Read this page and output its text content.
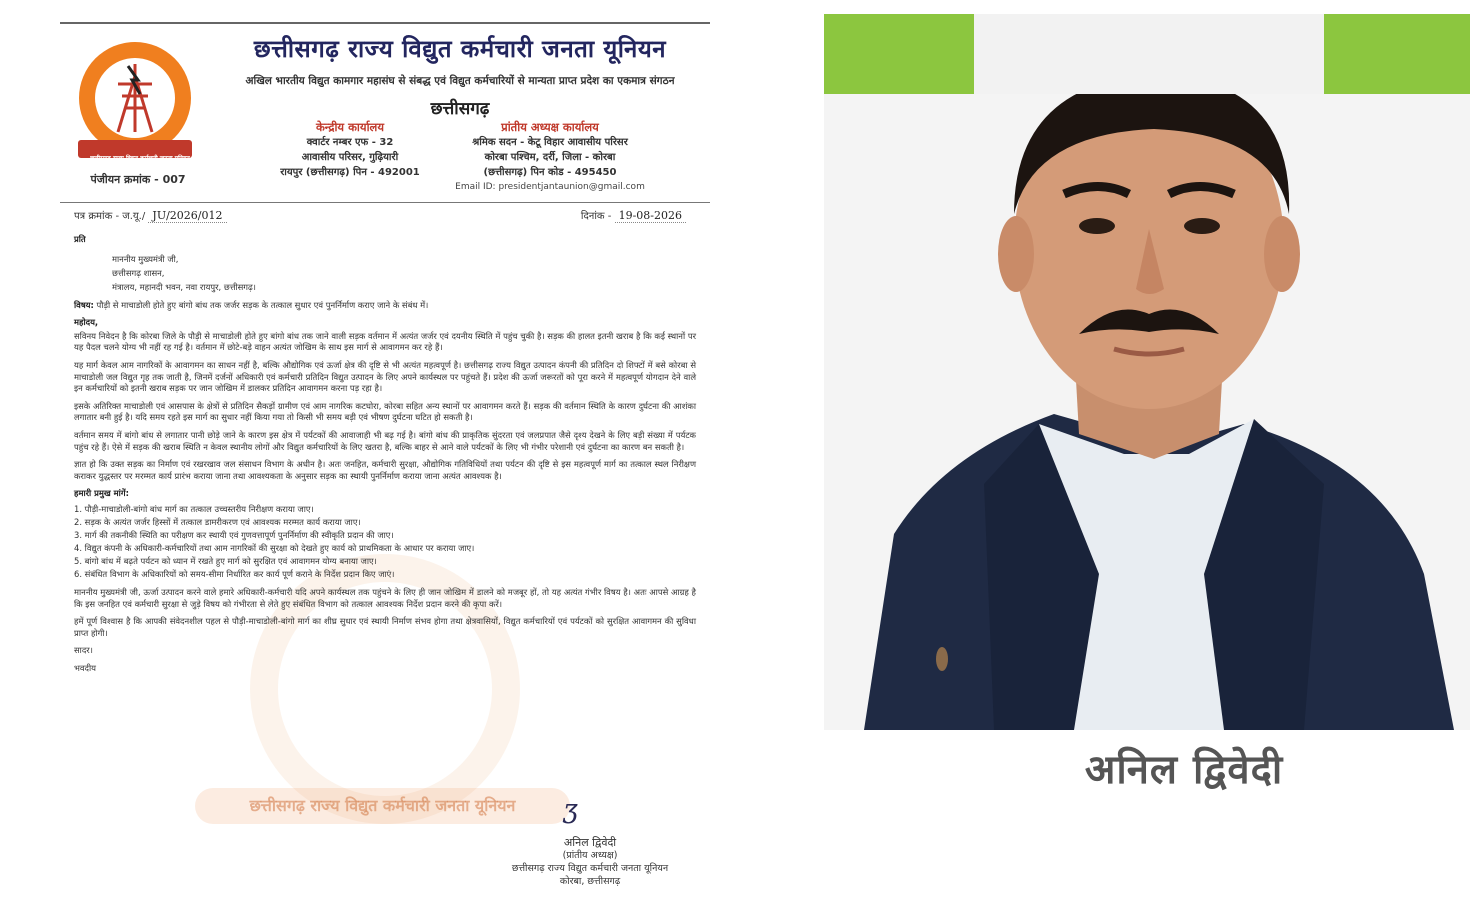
छत्तीसगढ़ राज्य विद्युत कर्मचारी जनता यूनियन
पंजीयन क्रमांक - 007
छत्तीसगढ़ राज्य विद्युत कर्मचारी जनता यूनियन
अखिल भारतीय विद्युत कामगार महासंघ से संबद्ध एवं विद्युत कर्मचारियों से मान्यता प्राप्त प्रदेश का एकमात्र संगठन
छत्तीसगढ़
केन्द्रीय कार्यालय
क्वार्टर नम्बर एफ - 32
आवासीय परिसर, गुढ़ियारी
रायपुर (छत्तीसगढ़) पिन - 492001
प्रांतीय अध्यक्ष कार्यालय
श्रमिक सदन - केटू विहार आवासीय परिसर
कोरबा पश्चिम, दर्री, जिला - कोरबा
(छत्तीसगढ़) पिन कोड - 495450
Email ID: presidentjantaunion@gmail.com
पत्र क्रमांक - ज.यू./ JU/2026/012	दिनांक - 19-08-2026

प्रति

माननीय मुख्यमंत्री जी,
छत्तीसगढ़ शासन,
मंत्रालय, महानदी भवन, नवा रायपुर, छत्तीसगढ़।

विषय: पौड़ी से माचाडोली होते हुए बांगो बांध तक जर्जर सड़क के तत्काल सुधार एवं पुनर्निर्माण कराए जाने के संबंध में।

महोदय,

सविनय निवेदन है कि कोरबा जिले के पौड़ी से माचाडोली होते हुए बांगो बांध तक जाने वाली सड़क वर्तमान में अत्यंत जर्जर एवं दयनीय स्थिति में पहुंच चुकी है। सड़क की हालत इतनी खराब है कि कई स्थानों पर यह पैदल चलने योग्य भी नहीं रह गई है। वर्तमान में छोटे-बड़े वाहन अत्यंत जोखिम के साथ इस मार्ग से आवागमन कर रहे हैं।

यह मार्ग केवल आम नागरिकों के आवागमन का साधन नहीं है, बल्कि औद्योगिक एवं ऊर्जा क्षेत्र की दृष्टि से भी अत्यंत महत्वपूर्ण है। छत्तीसगढ़ राज्य विद्युत उत्पादन कंपनी की प्रतिदिन दो शिफ्टों में बसे कोरबा से माचाडोली जल विद्युत गृह तक जाती है, जिनमें दर्जनों अधिकारी एवं कर्मचारी प्रतिदिन विद्युत उत्पादन के लिए अपने कार्यस्थल पर पहुंचते हैं। प्रदेश की ऊर्जा जरूरतों को पूरा करने में महत्वपूर्ण योगदान देने वाले इन कर्मचारियों को इतनी खराब सड़क पर जान जोखिम में डालकर प्रतिदिन आवागमन करना पड़ रहा है।

इसके अतिरिक्त माचाडोली एवं आसपास के क्षेत्रों से प्रतिदिन सैकड़ों ग्रामीण एवं आम नागरिक कटघोरा, कोरबा सहित अन्य स्थानों पर आवागमन करते हैं। सड़क की वर्तमान स्थिति के कारण दुर्घटना की आशंका लगातार बनी हुई है। यदि समय रहते इस मार्ग का सुधार नहीं किया गया तो किसी भी समय बड़ी एवं भीषण दुर्घटना घटित हो सकती है।

वर्तमान समय में बांगो बांध से लगातार पानी छोड़े जाने के कारण इस क्षेत्र में पर्यटकों की आवाजाही भी बढ़ गई है। बांगो बांध की प्राकृतिक सुंदरता एवं जलप्रपात जैसे दृश्य देखने के लिए बड़ी संख्या में पर्यटक पहुंच रहे हैं। ऐसे में सड़क की खराब स्थिति न केवल स्थानीय लोगों और विद्युत कर्मचारियों के लिए खतरा है, बल्कि बाहर से आने वाले पर्यटकों के लिए भी गंभीर परेशानी एवं दुर्घटना का कारण बन सकती है।

ज्ञात हो कि उक्त सड़क का निर्माण एवं रखरखाव जल संसाधन विभाग के अधीन है। अतः जनहित, कर्मचारी सुरक्षा, औद्योगिक गतिविधियों तथा पर्यटन की दृष्टि से इस महत्वपूर्ण मार्ग का तत्काल स्थल निरीक्षण कराकर युद्धस्तर पर मरम्मत कार्य प्रारंभ कराया जाना तथा आवश्यकता के अनुसार सड़क का स्थायी पुनर्निर्माण कराया जाना अत्यंत आवश्यक है।

हमारी प्रमुख मांगें:

1. पौड़ी-माचाडोली-बांगो बांध मार्ग का तत्काल उच्चस्तरीय निरीक्षण कराया जाए।
2. सड़क के अत्यंत जर्जर हिस्सों में तत्काल डामरीकरण एवं आवश्यक मरम्मत कार्य कराया जाए।
3. मार्ग की तकनीकी स्थिति का परीक्षण कर स्थायी एवं गुणवत्तापूर्ण पुनर्निर्माण की स्वीकृति प्रदान की जाए।
4. विद्युत कंपनी के अधिकारी-कर्मचारियों तथा आम नागरिकों की सुरक्षा को देखते हुए कार्य को प्राथमिकता के आधार पर कराया जाए।
5. बांगो बांध में बढ़ते पर्यटन को ध्यान में रखते हुए मार्ग को सुरक्षित एवं आवागमन योग्य बनाया जाए।
6. संबंधित विभाग के अधिकारियों को समय-सीमा निर्धारित कर कार्य पूर्ण कराने के निर्देश प्रदान किए जाएं।

माननीय मुख्यमंत्री जी, ऊर्जा उत्पादन करने वाले हमारे अधिकारी-कर्मचारी यदि अपने कार्यस्थल तक पहुंचने के लिए ही जान जोखिम में डालने को मजबूर हों, तो यह अत्यंत गंभीर विषय है। अतः आपसे आग्रह है कि इस जनहित एवं कर्मचारी सुरक्षा से जुड़े विषय को गंभीरता से लेते हुए संबंधित विभाग को तत्काल आवश्यक निर्देश प्रदान करने की कृपा करें।

हमें पूर्ण विश्वास है कि आपकी संवेदनशील पहल से पौड़ी-माचाडोली-बांगो मार्ग का शीघ्र सुधार एवं स्थायी निर्माण संभव होगा तथा क्षेत्रवासियों, विद्युत कर्मचारियों एवं पर्यटकों को सुरक्षित आवागमन की सुविधा प्राप्त होगी।

सादर।

भवदीय

छत्तीसगढ़ राज्य विद्युत कर्मचारी जनता यूनियन	Ʒ
अनिल द्विवेदी
(प्रांतीय अध्यक्ष)
छत्तीसगढ़ राज्य विद्युत कर्मचारी जनता यूनियन
कोरबा, छत्तीसगढ़
अनिल द्विवेदी
